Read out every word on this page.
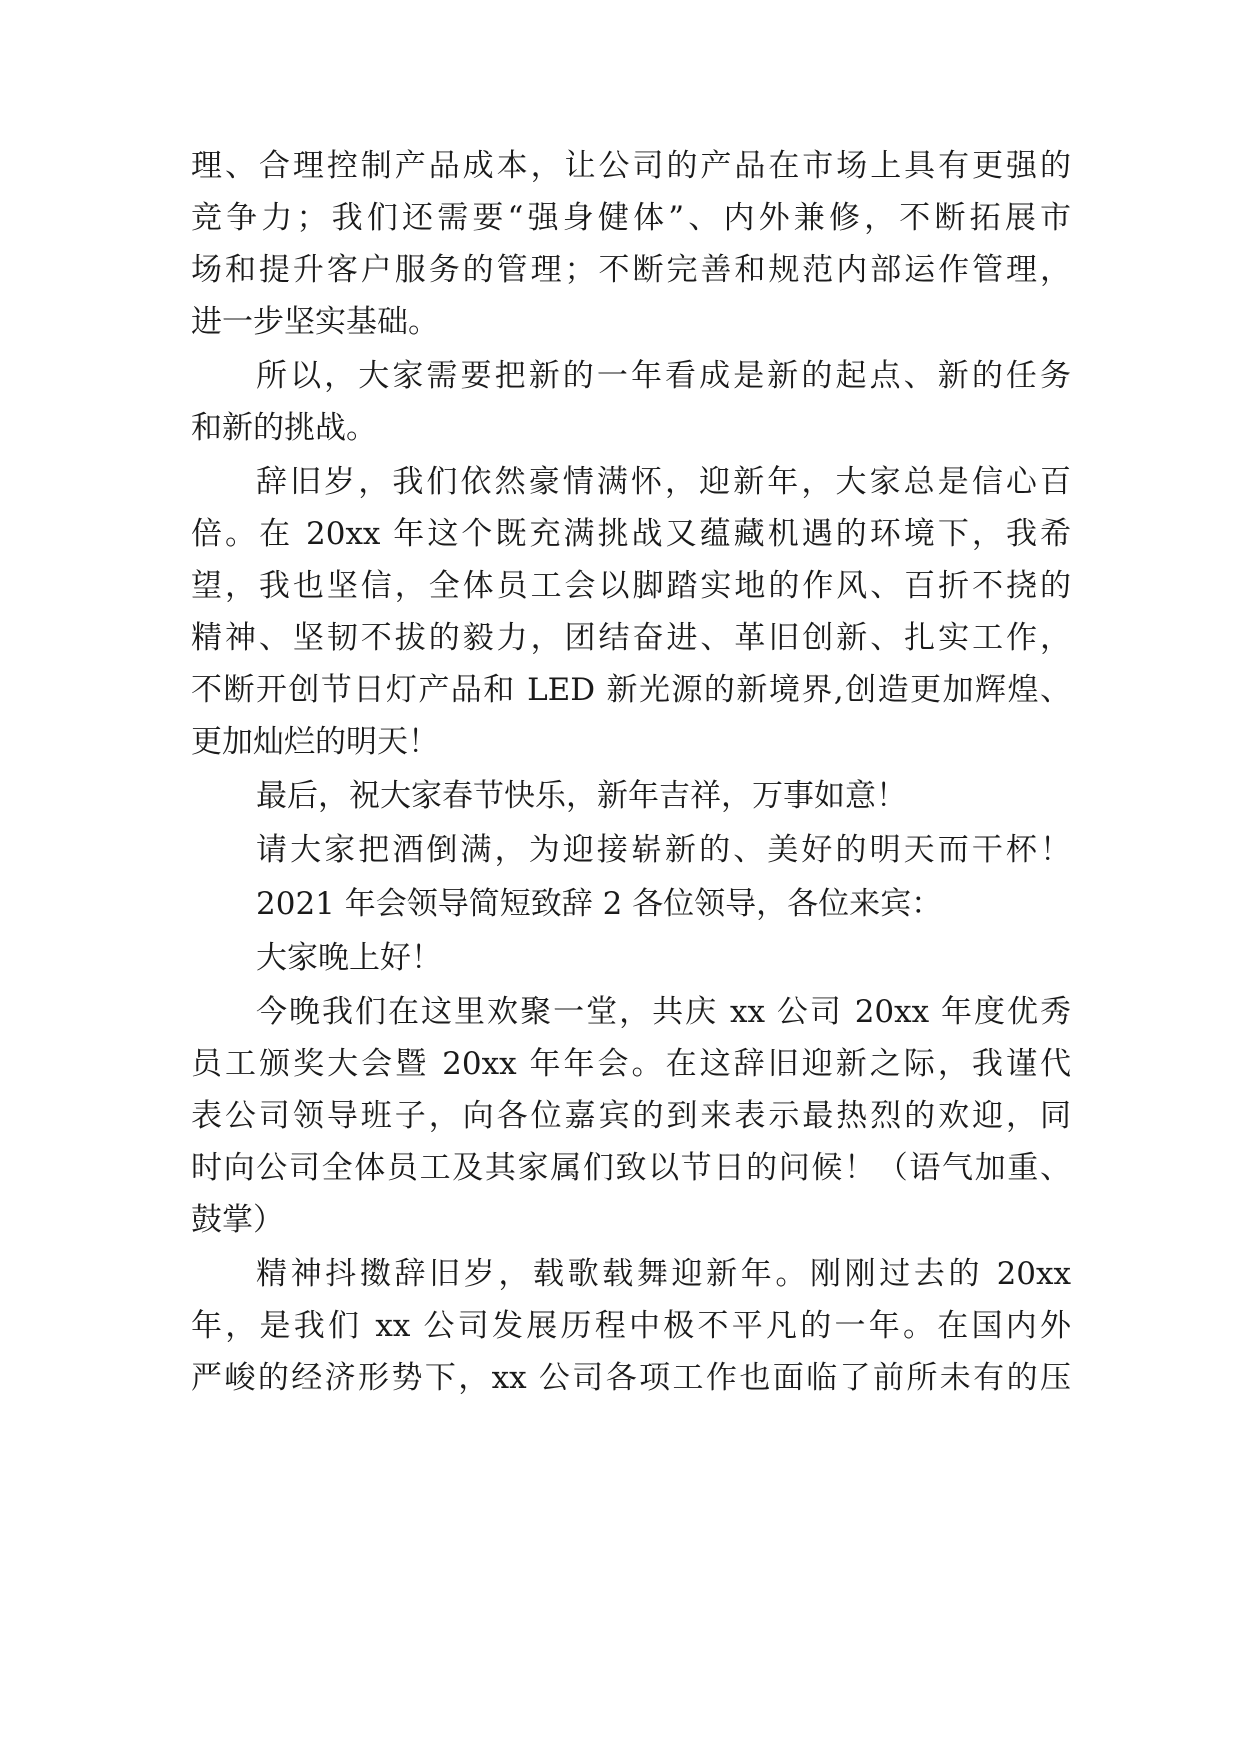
理、合理控制产品成本，让公司的产品在市场上具有更强的
竞争力；我们还需要“强身健体”、内外兼修，不断拓展市
场和提升客户服务的管理；不断完善和规范内部运作管理，
进一步坚实基础。
所以，大家需要把新的一年看成是新的起点、新的任务
和新的挑战。
辞旧岁，我们依然豪情满怀，迎新年，大家总是信心百
倍。在 20xx 年这个既充满挑战又蕴藏机遇的环境下，我希
望，我也坚信，全体员工会以脚踏实地的作风、百折不挠的
精神、坚韧不拔的毅力，团结奋进、革旧创新、扎实工作，
不断开创节日灯产品和 LED 新光源的新境界,创造更加辉煌、
更加灿烂的明天！
最后，祝大家春节快乐，新年吉祥，万事如意！
请大家把酒倒满，为迎接崭新的、美好的明天而干杯！
2021 年会领导简短致辞 2 各位领导，各位来宾：
大家晚上好！
今晚我们在这里欢聚一堂，共庆 xx 公司 20xx 年度优秀
员工颁奖大会暨 20xx 年年会。在这辞旧迎新之际，我谨代
表公司领导班子，向各位嘉宾的到来表示最热烈的欢迎，同
时向公司全体员工及其家属们致以节日的问候！（语气加重、
鼓掌）
精神抖擞辞旧岁，载歌载舞迎新年。刚刚过去的 20xx
年，是我们 xx 公司发展历程中极不平凡的一年。在国内外
严峻的经济形势下，xx 公司各项工作也面临了前所未有的压
